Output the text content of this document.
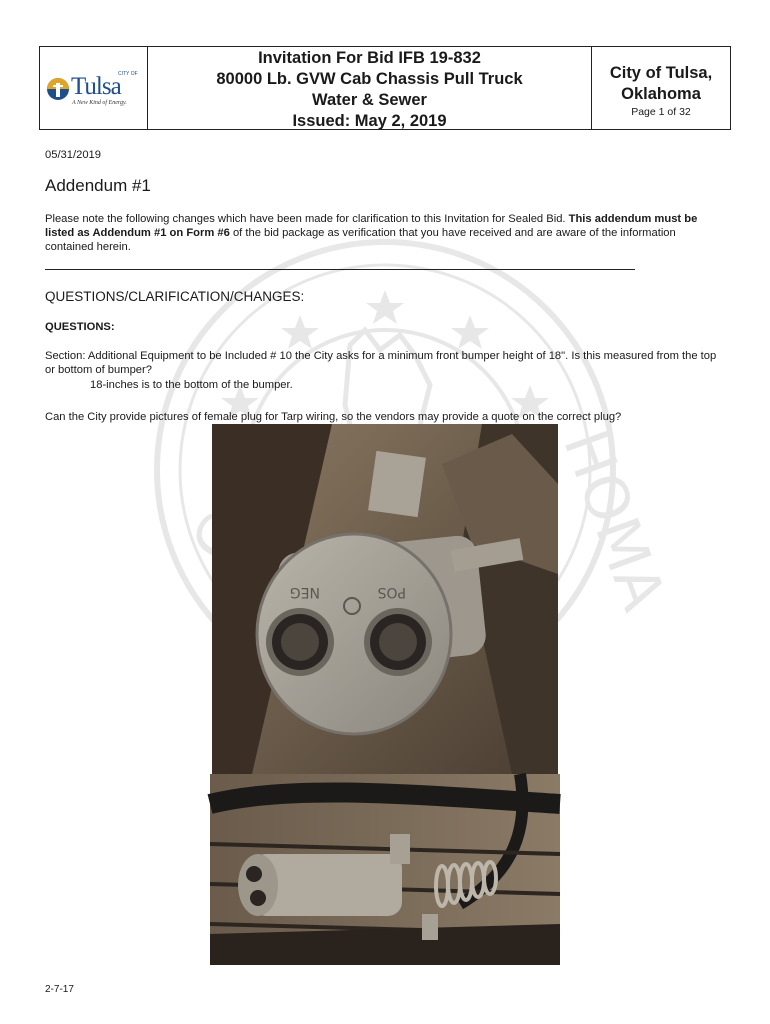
HOMA
CITY OF
Tulsa
A New Kind of Energy.
Invitation For Bid IFB 19-832
80000 Lb. GVW Cab Chassis Pull Truck
Water & Sewer
Issued: May 2, 2019
City of Tulsa,
Oklahoma
Page 1 of 32
05/31/2019
Addendum #1
Please note the following changes which have been made for clarification to this Invitation for Sealed Bid. This addendum must be listed as Addendum #1 on Form #6 of the bid package as verification that you have received and are aware of the information contained herein.
QUESTIONS/CLARIFICATION/CHANGES:
QUESTIONS:
Section: Additional Equipment to be Included # 10 the City asks for a minimum front bumper height of 18". Is this measured from the top or bottom of bumper?
18-inches is to the bottom of the bumper.
Can the City provide pictures of female plug for Tarp wiring, so the vendors may provide a quote on the correct plug?
NEG	POS
2-7-17
